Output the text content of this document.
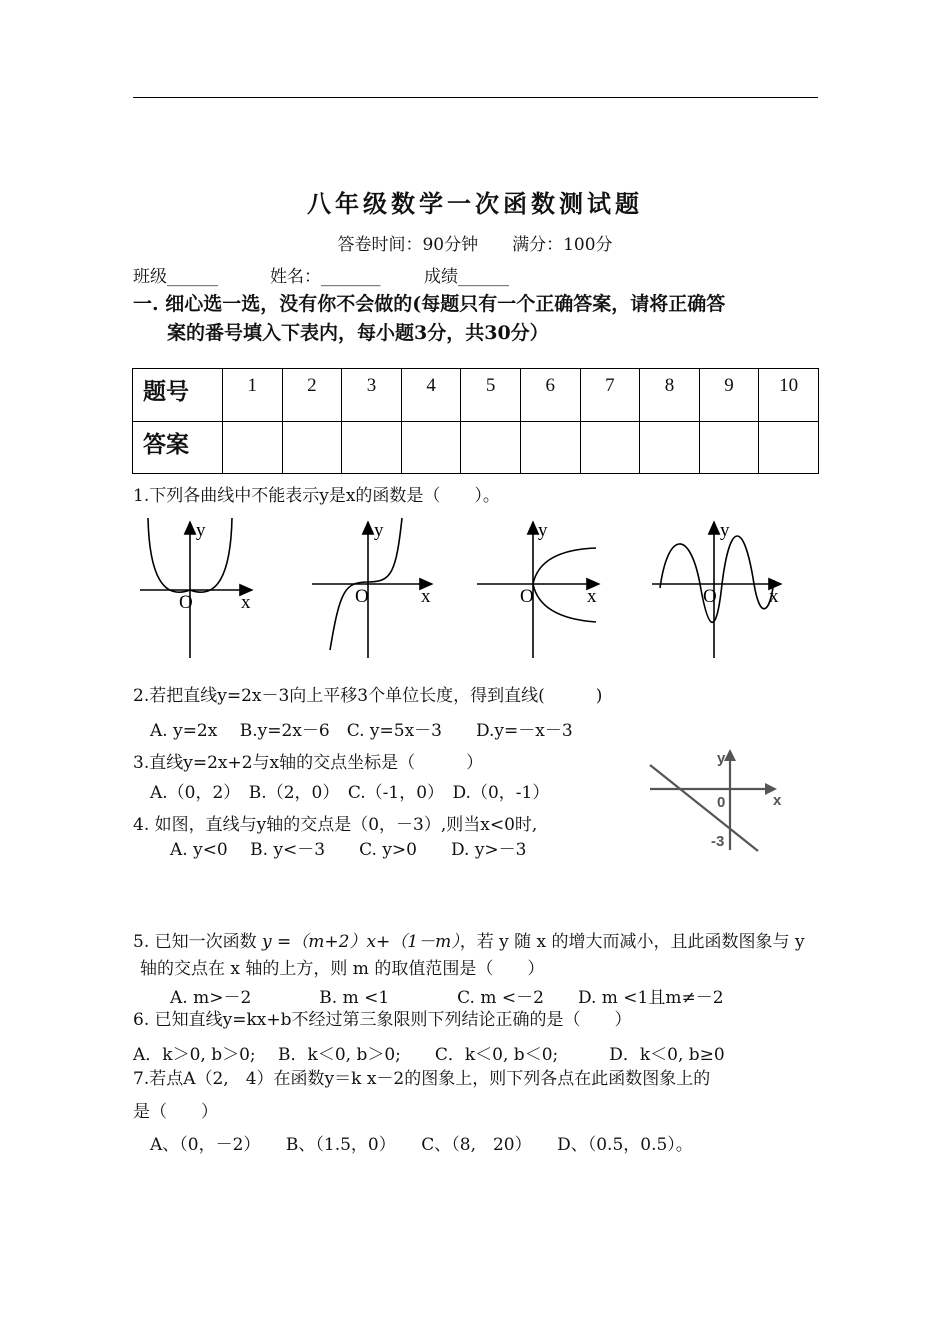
八年级数学一次函数测试题
答卷时间：90分钟　　满分：100分
班级______	姓名：_______	成绩______
一. 细心选一选，没有你不会做的(每题只有一个正确答案，请将正确答
案的番号填入下表内，每小题3分，共30分）
题号	1	2	3	4	5	6	7	8	9	10
答案										
1.下列各曲线中不能表示y是x的函数是（　　）。
y
x
O
y
x
O
y
x
O
y
x
O
2.若把直线y=2x－3向上平移3个单位长度，得到直线(　　　)
A. y=2x　 B.y=2x－6　C. y=5x－3　　D.y=－x－3
3.直线y=2x+2与x轴的交点坐标是（　　　）
A.（0，2）　B.（2，0）　C.（-1，0）　D.（0，-1）
y
x
0
-3
4. 如图，直线与y轴的交点是（0，－3）,则当x<0时,
A. y<0　 B. y<－3　　C. y>0　　D. y>－3
5. 已知一次函数 y =（m+2）x+（1－m），若 y 随 x 的增大而减小，且此函数图象与 y
轴的交点在 x 轴的上方，则 m 的取值范围是（　　）
A. m>－2　　　　B. m <1　　　　C. m <－2　　D. m <1且m≠－2
6. 已知直线y=kx+b不经过第三象限则下列结论正确的是（　　）
A．k＞0, b＞0;　 B．k＜0, b＞0;　　C．k＜0, b＜0;　　　D．k＜0, b≥0
7.若点A（2,　4）在函数y＝k x－2的图象上，则下列各点在此函数图象上的
是（　　）
A、（0，－2）　　B、（1.5，0）　　C、（8,　20）　　D、（0.5，0.5）。
